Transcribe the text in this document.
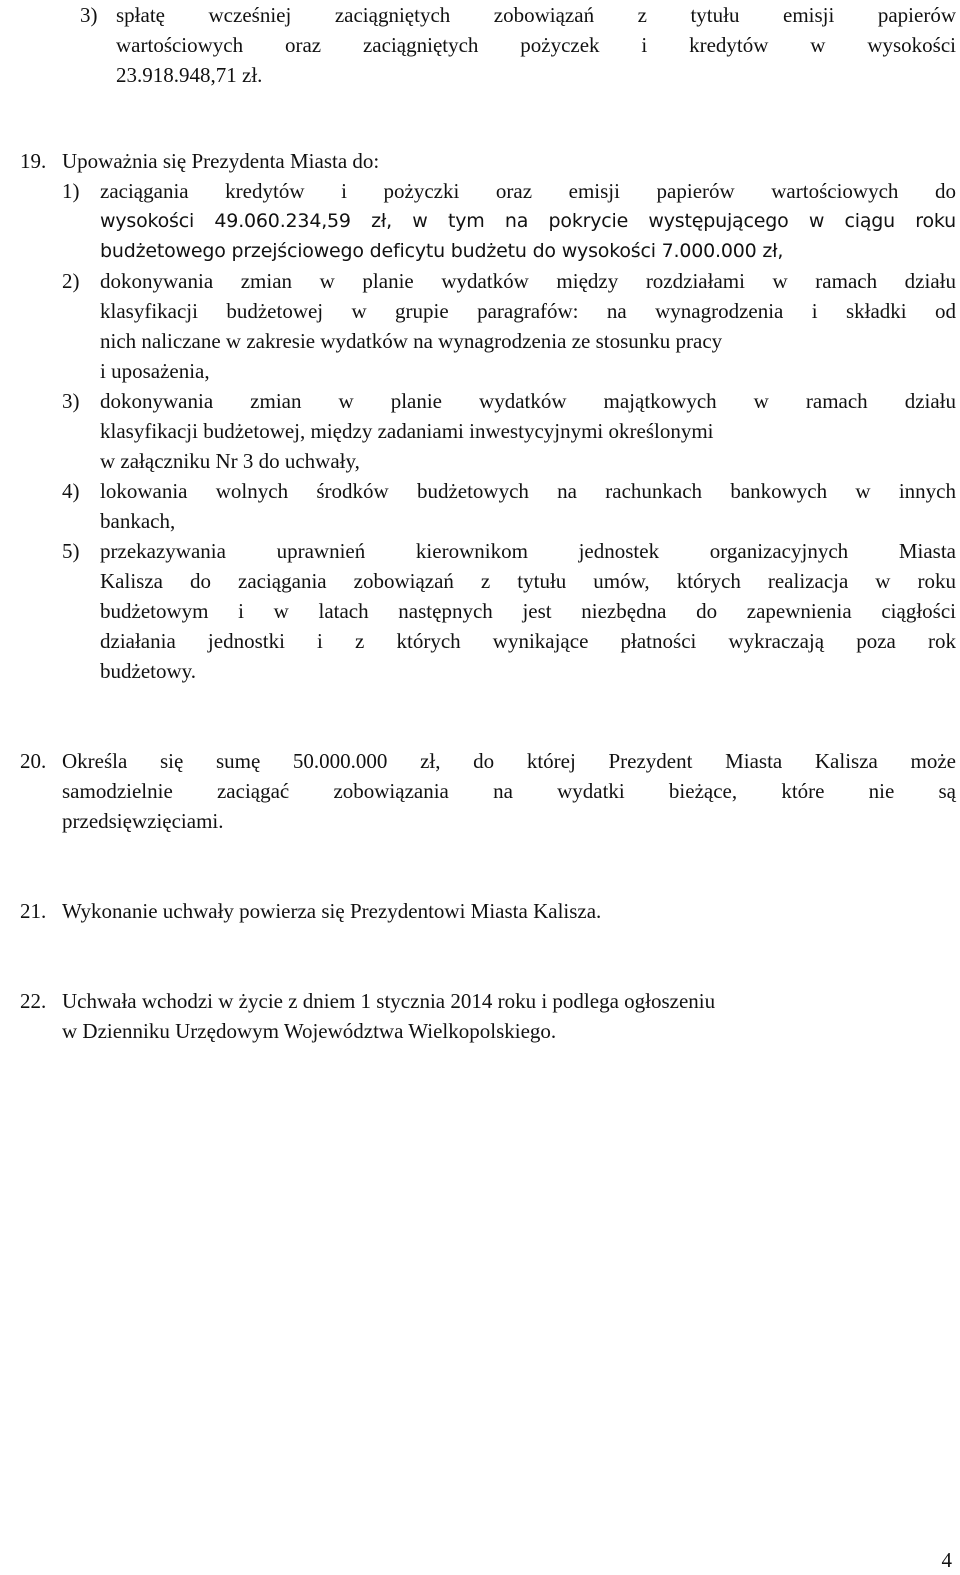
3) spłatę wcześniej zaciągniętych zobowiązań z tytułu emisji papierów
wartościowych oraz zaciągniętych pożyczek i kredytów w wysokości
23.918.948,71 zł.
19. Upoważnia się Prezydenta Miasta do:
1) zaciągania kredytów i pożyczki oraz emisji papierów wartościowych do
wysokości 49.060.234,59 zł, w tym na pokrycie występującego w ciągu roku
budżetowego przejściowego deficytu budżetu do wysokości 7.000.000 zł,
2) dokonywania zmian w planie wydatków między rozdziałami w ramach działu
klasyfikacji budżetowej w grupie paragrafów: na wynagrodzenia i składki od
nich naliczane w zakresie wydatków na wynagrodzenia ze stosunku pracy
i uposażenia,
3) dokonywania zmian w planie wydatków majątkowych w ramach działu
klasyfikacji budżetowej, między zadaniami inwestycyjnymi określonymi
w załączniku Nr 3 do uchwały,
4) lokowania wolnych środków budżetowych na rachunkach bankowych w innych
bankach,
5) przekazywania uprawnień kierownikom jednostek organizacyjnych Miasta
Kalisza do zaciągania zobowiązań z tytułu umów, których realizacja w roku
budżetowym i w latach następnych jest niezbędna do zapewnienia ciągłości
działania jednostki i z których wynikające płatności wykraczają poza rok
budżetowy.
20. Określa się sumę 50.000.000 zł, do której Prezydent Miasta Kalisza może
samodzielnie zaciągać zobowiązania na wydatki bieżące, które nie są
przedsięwzięciami.
21. Wykonanie uchwały powierza się Prezydentowi Miasta Kalisza.
22. Uchwała wchodzi w życie z dniem 1 stycznia 2014 roku i podlega ogłoszeniu
w Dzienniku Urzędowym Województwa Wielkopolskiego.
4
